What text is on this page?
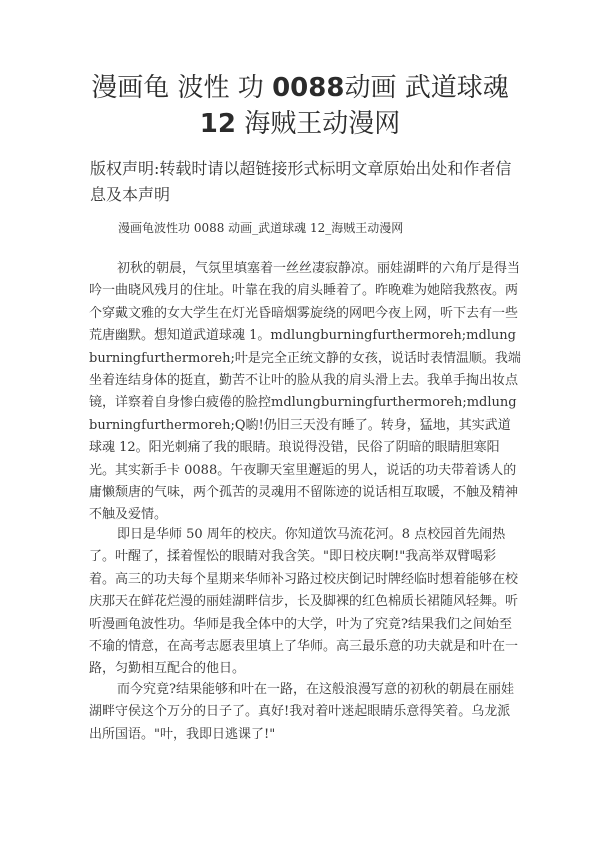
漫画龟 波性 功 0088动画 武道球魂
12 海贼王动漫网
版权声明:转载时请以超链接形式标明文章原始出处和作者信息及本声明
漫画龟波性功 0088 动画_武道球魂 12_海贼王动漫网

初秋的朝晨，气氛里填塞着一丝丝凄寂静凉。丽娃湖畔的六角厅是得当吟一曲晓风残月的住址。叶靠在我的肩头睡着了。昨晚难为她陪我熬夜。两个穿戴文雅的女大学生在灯光昏暗烟雾旋绕的网吧今夜上网，听下去有一些荒唐幽默。想知道武道球魂 1。mdlungburningfurthermoreh;mdlungburningfurthermoreh;叶是完全正统文静的女孩，说话时表情温顺。我端坐着连结身体的挺直，勤苦不让叶的脸从我的肩头滑上去。我单手掏出妆点镜，详察着自身惨白疲倦的脸控mdlungburningfurthermoreh;mdlungburningfurthermoreh;Q喲!仍旧三天没有睡了。转身，猛地，其实武道球魂 12。阳光刺痛了我的眼睛。琅说得没错，民俗了阴暗的眼睛胆寒阳光。其实新手卡 0088。午夜聊天室里邂逅的男人，说话的功夫带着诱人的庸懒颓唐的气味，两个孤苦的灵魂用不留陈迹的说话相互取暖，不触及精神不触及爱情。

即日是华师 50 周年的校庆。你知道饮马流花河。8 点校园首先闹热了。叶醒了，揉着惺忪的眼睛对我含笑。"即日校庆啊!"我高举双臂喝彩着。高三的功夫每个星期来华师补习路过校庆倒记时牌经临时想着能够在校庆那天在鲜花烂漫的丽娃湖畔信步，长及脚裸的红色棉质长裙随风轻舞。听听漫画龟波性功。华师是我全体中的大学，叶为了究竟?结果我们之间始至不瑜的情意，在高考志愿表里填上了华师。高三最乐意的功夫就是和叶在一路，匀勤相互配合的他日。

而今究竟?结果能够和叶在一路，在这般浪漫写意的初秋的朝晨在丽娃湖畔守侯这个万分的日子了。真好!我对着叶迷起眼睛乐意得笑着。乌龙派出所国语。"叶，我即日逃课了!"
